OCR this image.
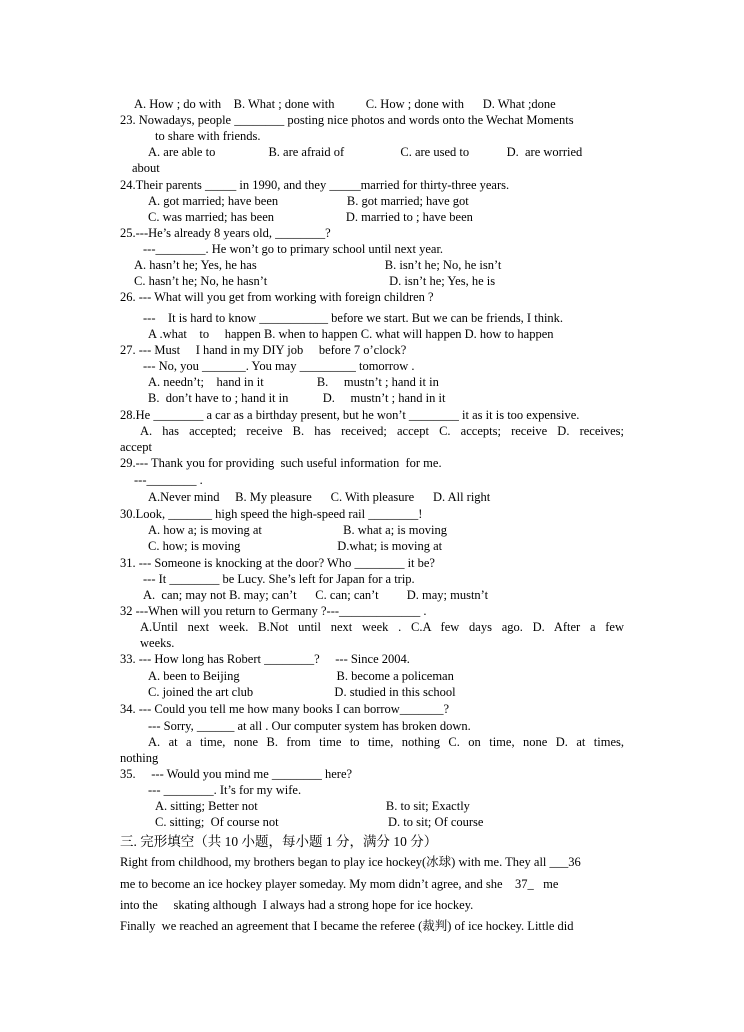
A. How ; do with    B. What ; done with          C. How ; done with      D. What ;done
23. Nowadays, people ________ posting nice photos and words onto the Wechat Moments
to share with friends.
A. are able to                 B. are afraid of                  C. are used to            D.  are worried
about
24.Their parents _____ in 1990, and they _____married for thirty-three years.
A. got married; have been                      B. got married; have got
C. was married; has been                       D. married to ; have been
25.---He’s already 8 years old, ________?
---________. He won’t go to primary school until next year.
A. hasn’t he; Yes, he has                                         B. isn’t he; No, he isn’t
C. hasn’t he; No, he hasn’t                                       D. isn’t he; Yes, he is
26. --- What will you get from working with foreign children ?
---    It is hard to know ___________ before we start. But we can be friends, I think.
A .what    to     happen B. when to happen C. what will happen D. how to happen
27. --- Must     I hand in my DIY job     before 7 o’clock?
--- No, you _______. You may _________ tomorrow .
A. needn’t;    hand in it                 B.     mustn’t ; hand it in
B.  don’t have to ; hand it in           D.     mustn’t ; hand in it
28.He ________ a car as a birthday present, but he won’t ________ it as it is too expensive.
A. has accepted; receive B. has received; accept C. accepts; receive D. receives;
accept
29.--- Thank you for providing  such useful information  for me.
---________ .
A.Never mind     B. My pleasure      C. With pleasure      D. All right
30.Look, _______ high speed the high-speed rail ________!
A. how a; is moving at                          B. what a; is moving
C. how; is moving                               D.what; is moving at
31. --- Someone is knocking at the door? Who ________ it be?
--- It ________ be Lucy. She’s left for Japan for a trip.
A.  can; may not B. may; can’t      C. can; can’t         D. may; mustn’t
32 ---When will you return to Germany ?---_____________ .
A.Until next week. B.Not until next week . C.A few days ago. D. After a few
weeks.
33. --- How long has Robert ________?     --- Since 2004.
A. been to Beijing                               B. become a policeman
C. joined the art club                          D. studied in this school
34. --- Could you tell me how many books I can borrow_______?
--- Sorry, ______ at all . Our computer system has broken down.
A. at a time, none B. from time to time, nothing C. on time, none D. at times,
nothing
35.     --- Would you mind me ________ here?
--- ________. It’s for my wife.
A. sitting; Better not                                         B. to sit; Exactly
C. sitting;  Of course not                                   D. to sit; Of course
三. 完形填空（共 10 小题，每小题 1 分，满分 10 分）
Right from childhood, my brothers began to play ice hockey(冰球) with me. They all ___36
me to become an ice hockey player someday. My mom didn’t agree, and she    37_   me
into the     skating although  I always had a strong hope for ice hockey.
Finally  we reached an agreement that I became the referee (裁判) of ice hockey. Little did
